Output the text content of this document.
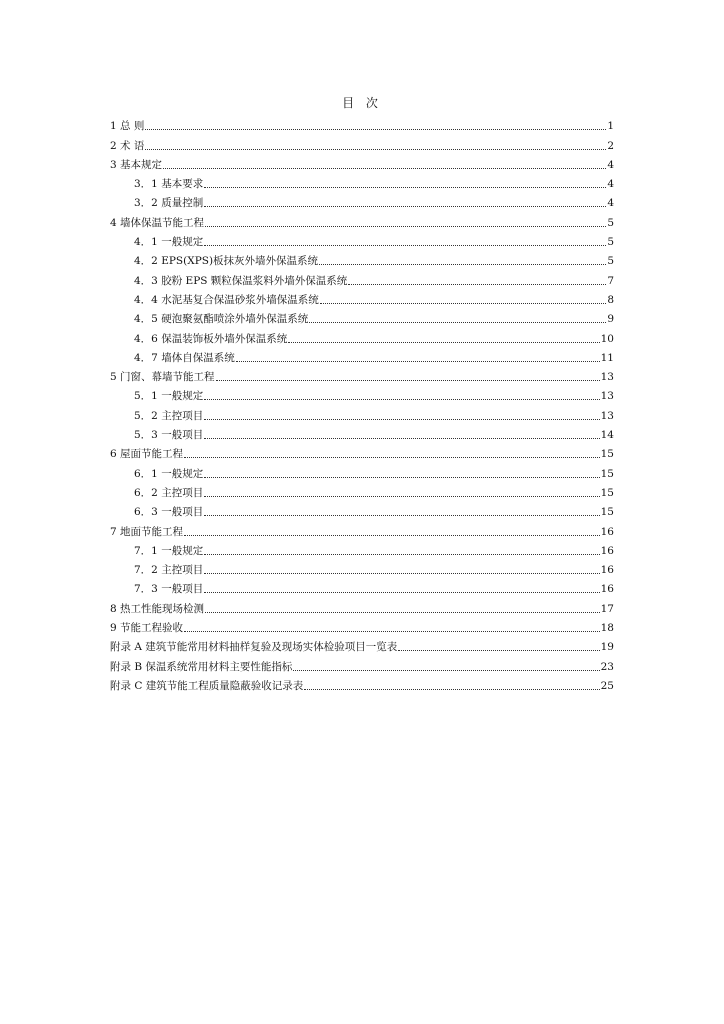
目 次
1 总 则	1
2 术 语	2
3 基本规定	4
3．1 基本要求	4
3．2 质量控制	4
4 墙体保温节能工程	5
4．1 一般规定	5
4．2 EPS(XPS)板抹灰外墙外保温系统	5
4．3 胶粉 EPS 颗粒保温浆料外墙外保温系统	7
4．4 水泥基复合保温砂浆外墙保温系统	8
4．5 硬泡聚氨酯喷涂外墙外保温系统	9
4．6 保温装饰板外墙外保温系统	10
4．7 墙体自保温系统	11
5 门窗、幕墙节能工程	13
5．1 一般规定	13
5．2 主控项目	13
5．3 一般项目	14
6 屋面节能工程	15
6．1 一般规定	15
6．2 主控项目	15
6．3 一般项目	15
7 地面节能工程	16
7．1 一般规定	16
7．2 主控项目	16
7．3 一般项目	16
8 热工性能现场检测	17
9 节能工程验收	18
附录 A 建筑节能常用材料抽样复验及现场实体检验项目一览表	19
附录 B 保温系统常用材料主要性能指标	23
附录 C 建筑节能工程质量隐蔽验收记录表	25
